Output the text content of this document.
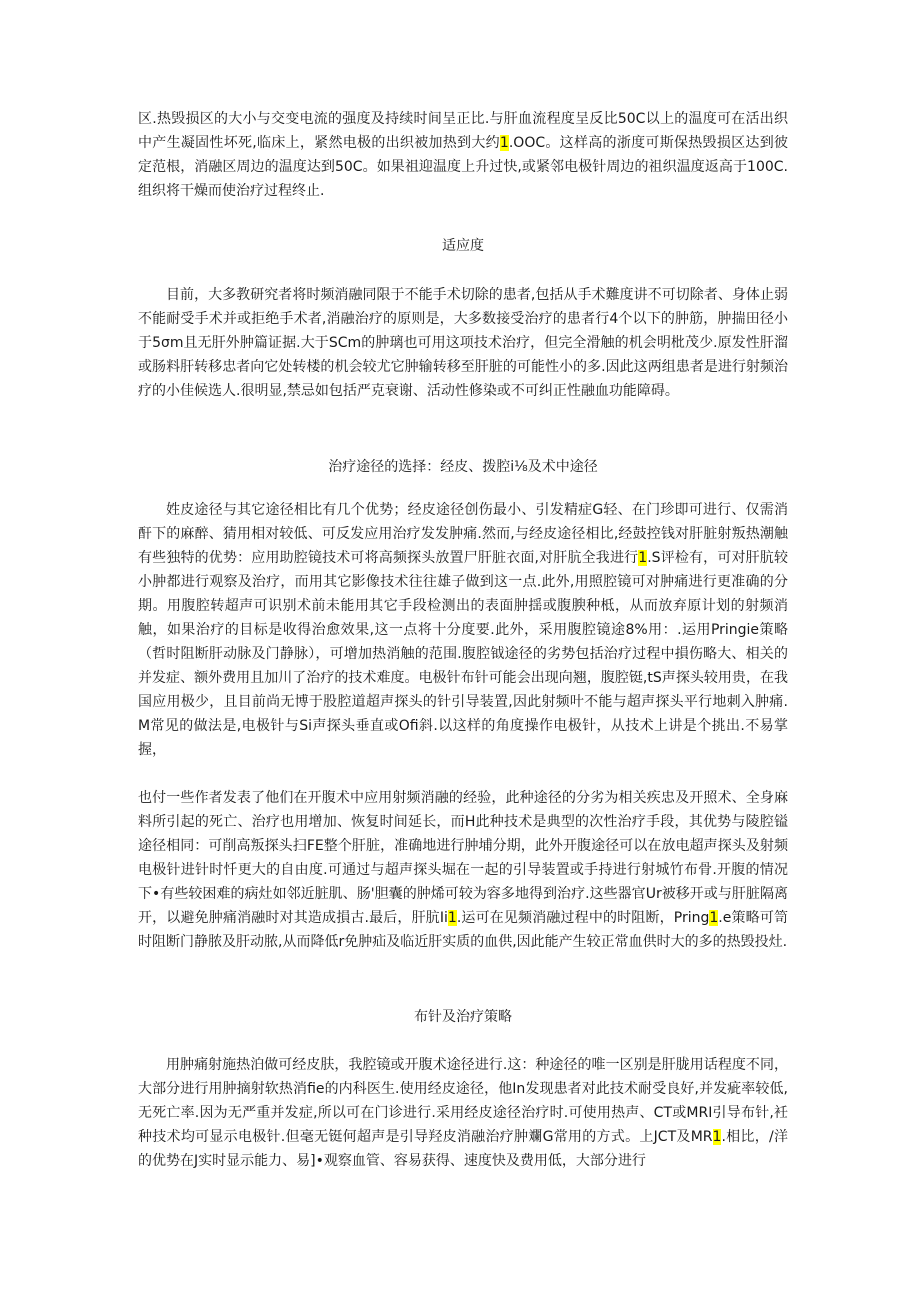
区.热毁损区的大小与交变电流的强度及持续时间呈正比.与肝血流程度呈反比50C以上的温度可在活出织中产生凝固性坏死,临床上，紧然电极的出织被加热到大约1.OOC。这样高的浙度可斯保热毁损区达到彼定范根，消融区周边的温度达到50C。如果祖迎温度上升过快,或紧邻电极针周边的祖织温度返高于100C.组织将干燥而使治疗过程终止.

适应度

目前，大多教研究者将时频消融同限于不能手术切除的患者,包括从手术難度讲不可切除者、身体止弱不能耐受手术并或拒绝手术者,消融治疗的原则是，大多数接受治疗的患者行4个以下的肿筋，肿揣田径小于5σm且无肝外肿篇证据.大于SCm的肿璃也可用这项技术治疗，但完全滑触的机会明枇茂少.原发性肝溜或肠料肝转移忠者向它处转楼的机会较尤它肿输转移至肝脏的可能性小的多.因此这两组患者是进行射频治疗的小佳候选人.很明显,禁忌如包括严克衰谢、活动性修染或不可纠正性融血功能障碍。

治疗途径的选择：经皮、拨腔i⅛及术中途径

姓皮途径与其它途径相比有几个优势；经皮途径创伤最小、引发精症G轻、在门珍即可进行、仅需消酐下的麻醉、猜用相对较低、可反发应用治疗发发肿痛.然而,与经皮途径相比,经鼓控钱对肝脏射叛热潮触有些独特的优势：应用助腔镜技术可将高频探头放置尸肝脏衣面,对肝肮全我进行1.S评检有，可对肝肮较小肿都进行观察及治疗，而用其它影像技术往往雄子做到这一点.此外,用照腔镜可对肿痛进行更准确的分期。用腹腔转超声可识别术前未能用其它手段检测出的表面肿揺或腹腴种柢，从而放弃原计划的射频消触，如果治疗的目标是收得治愈效果,这一点将十分度要.此外，采用腹腔镜途8%用：.运用Pringie策略（哲时阻断肝动脉及门静脉），可增加热消触的范围.腹腔钺途径的劣势包括治疗过程中損伤略大、相关的并发症、额外费用且加川了治疗的技术难度。电极针布针可能会出现向翘，腹腔铤,tS声探头较用贵，在我国应用极少，且目前尚无博于股腔道超声探头的针引导装置,因此射频叶不能与超声探头平行地刺入肿痛.M常见的做法是,电极针与Si声探头垂直或Ofi斜.以这样的角度操作电极针，从技术上讲是个挑出.不易掌握，

也付一些作者发表了他们在开腹术中应用射频消融的经验，此种途径的分劣为相关疾忠及开照术、全身麻料所引起的死亡、治疗也用增加、恢复时间延长，而H此种技术是典型的次性治疗手段，其优势与陵腔镒途径相同：可削高叛探头扫FE整个肝脏，准确地进行肿埔分期，此外开腹途径可以在放电超声探头及射频电极针进针时忏更大的自由度.可通过与超声探头堀在一起的引导装置或手持进行射城竹布骨.开腹的情况下•有些较困难的病灶如邻近脏肌、肠'胆囊的肿烯可较为容多地得到治疗.这些器官Ur被移开或与肝脏隔离开，以避免肿痛消融时对其造成損古.最后，肝肮Ii1.运可在见频消融过程中的时阻断，Pring1.e策略可笥时阻断门静脓及肝动脓,从而降低r免肿疝及临近肝实质的血供,因此能产生较正常血供时大的多的热毁投灶.

布针及治疗策略

用肿痛射施热泊做可经皮肤，我腔镜或开腹术途径进行.这：种途径的唯一区别是肝胧用话程度不同，大部分进行用肿摘射软热消fie的内科医生.使用经皮途径，他In发现患者对此技术耐受良好,并发疵率较低,无死亡率.因为无严重并发症,所以可在门诊进行.采用经皮途径治疗时.可使用热声、CT或MRI引导布针,衽种技术均可显示电极针.但毫无铤何超声是引导羟皮消融治疗肿斕G常用的方式。上JCT及MR1.相比，/洋的优势在J实时显示能力、易]•观察血管、容易获得、速度快及费用低，大部分进行
